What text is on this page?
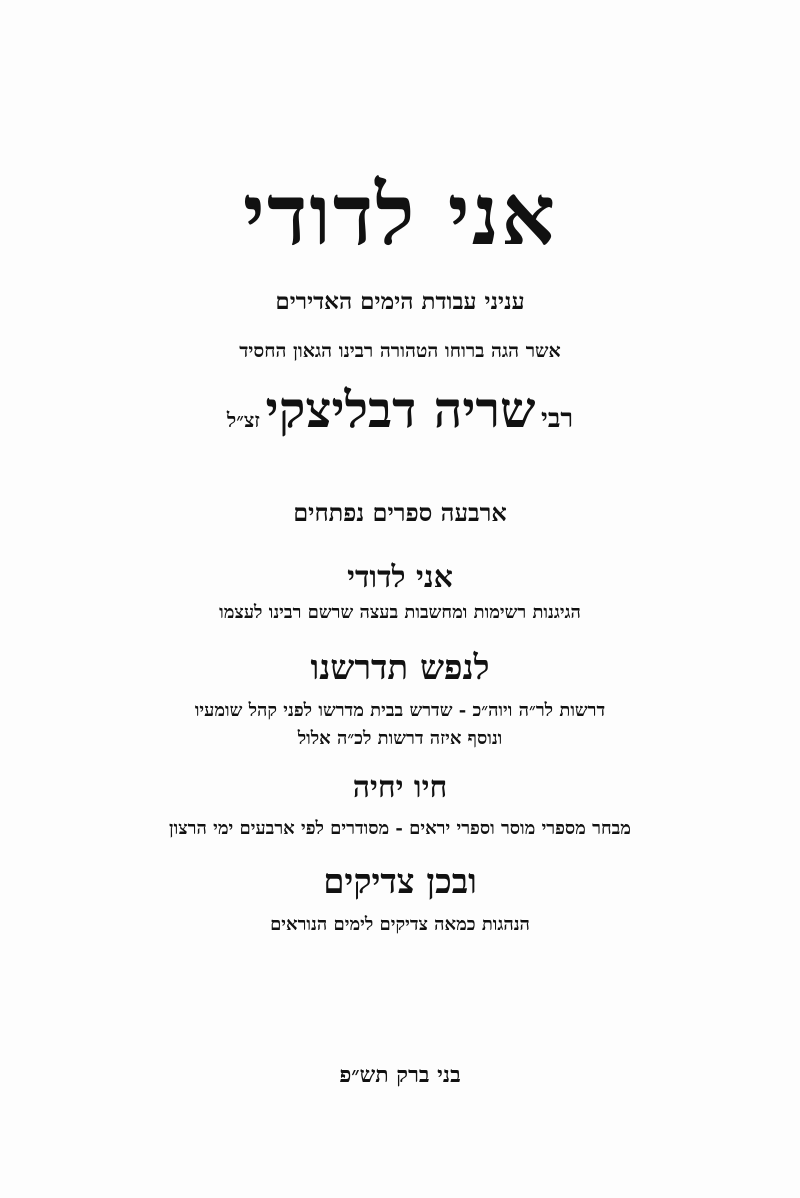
אני לדודי
עניני עבודת הימים האדירים
אשר הגה ברוחו הטהורה רבינו הגאון החסיד
רבי שריה דבליצקי זצ״ל
ארבעה ספרים נפתחים
אני לדודי
הגיגנות רשימות ומחשבות בעצה שרשם רבינו לעצמו
לנפש תדרשנו
דרשות לר״ה ויוה״כ - שדרש בבית מדרשו לפני קהל שומעיו
ונוסף איזה דרשות לכ״ה אלול
חיו יחיה
מבחר מספרי מוסר וספרי יראים - מסודרים לפי ארבעים ימי הרצון
ובכן צדיקים
הנהגות כמאה צדיקים לימים הנוראים
בני ברק תש״פ
